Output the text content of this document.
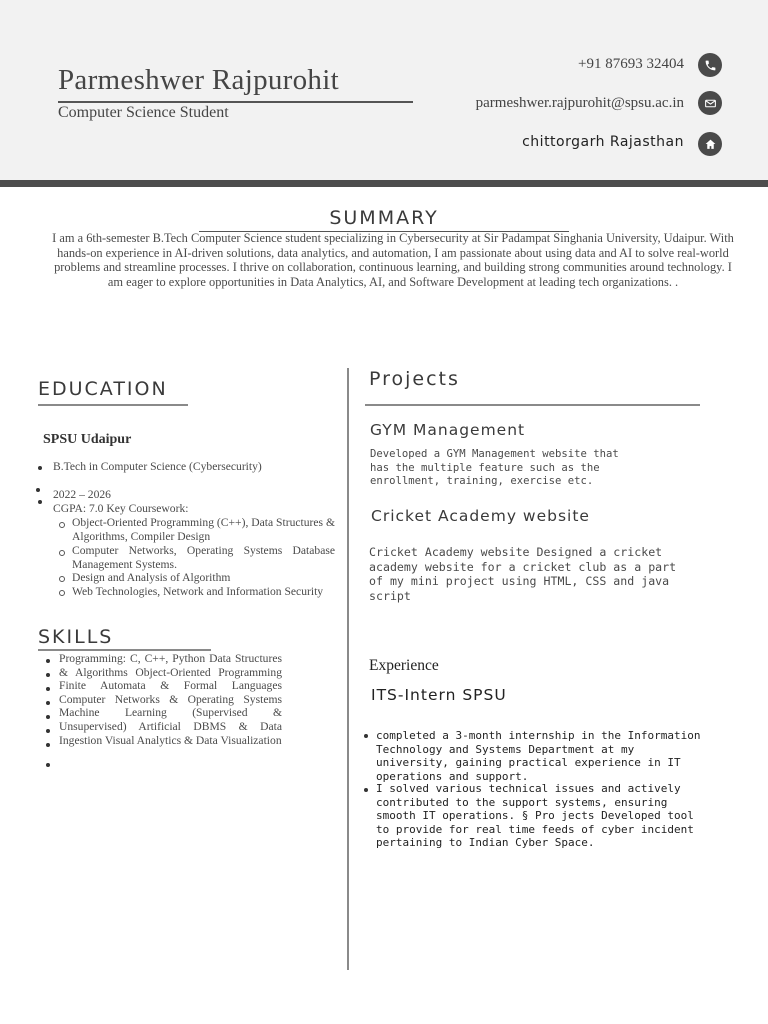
Parmeshwer Rajpurohit
Computer Science Student
+91 87693 32404
parmeshwer.rajpurohit@spsu.ac.in
chittorgarh Rajasthan
SUMMARY
I am a 6th-semester B.Tech Computer Science student specializing in Cybersecurity at Sir Padampat Singhania University, Udaipur. With hands-on experience in AI-driven solutions, data analytics, and automation, I am passionate about using data and AI to solve real-world problems and streamline processes. I thrive on collaboration, continuous learning, and building strong communities around technology. I am eager to explore opportunities in Data Analytics, AI, and Software Development at leading tech organizations. .
EDUCATION
SPSU Udaipur
B.Tech in Computer Science (Cybersecurity)
2022 – 2026
CGPA: 7.0 Key Coursework:
Object-Oriented Programming (C++), Data Structures & Algorithms, Compiler Design
Computer Networks, Operating Systems Database Management Systems.
Design and Analysis of Algorithm
Web Technologies, Network and Information Security
SKILLS
Programming: C, C++, Python Data Structures & Algorithms Object-Oriented Programming Finite Automata & Formal Languages Computer Networks & Operating Systems Machine Learning (Supervised & Unsupervised) Artificial DBMS & Data Ingestion Visual Analytics & Data Visualization
Projects
GYM Management
Developed a GYM Management website that has the multiple feature such as the enrollment, training, exercise etc.
Cricket Academy website
Cricket Academy website Designed a cricket academy website for a cricket club as a part of my mini project using HTML, CSS and java script
Experience
ITS-Intern SPSU
completed a 3-month internship in the Information Technology and Systems Department at my university, gaining practical experience in IT operations and support.
I solved various technical issues and actively contributed to the support systems, ensuring smooth IT operations. § Pro jects Developed tool to provide for real time feeds of cyber incident pertaining to Indian Cyber Space.
